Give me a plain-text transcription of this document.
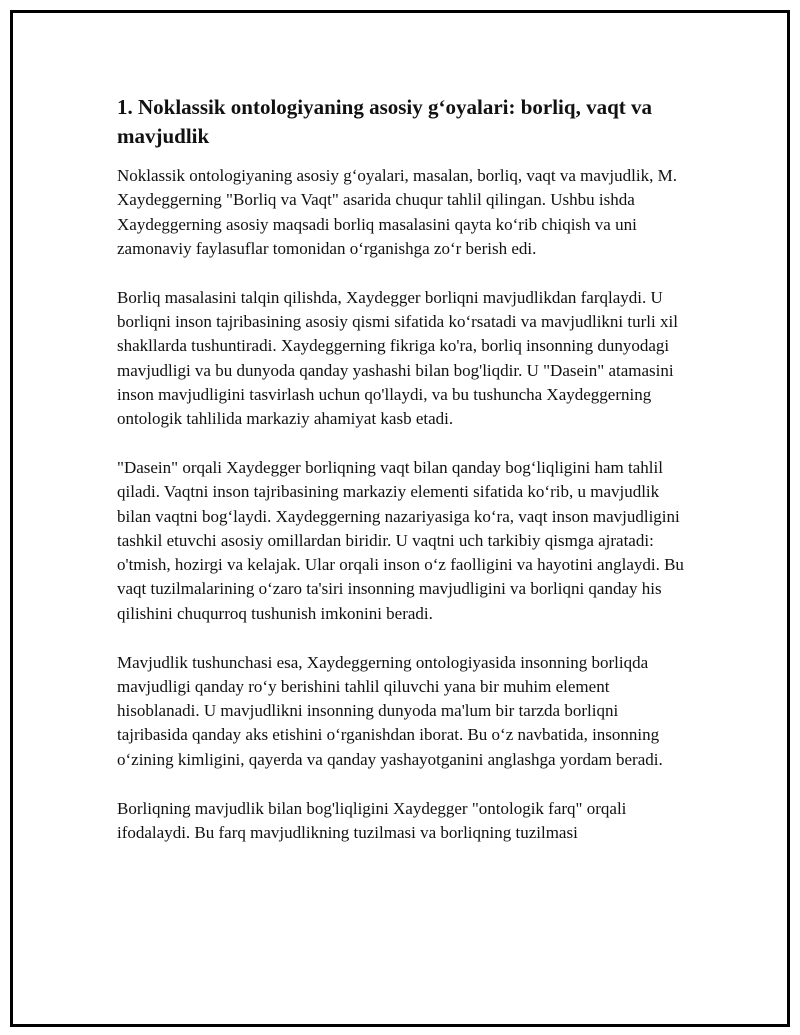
1. Noklassik ontologiyaning asosiy g‘oyalari: borliq, vaqt va mavjudlik

Noklassik ontologiyaning asosiy g‘oyalari, masalan, borliq, vaqt va mavjudlik, M. Xaydeggerning "Borliq va Vaqt" asarida chuqur tahlil qilingan. Ushbu ishda Xaydeggerning asosiy maqsadi borliq masalasini qayta ko‘rib chiqish va uni zamonaviy faylasuflar tomonidan o‘rganishga zo‘r berish edi.

Borliq masalasini talqin qilishda, Xaydegger borliqni mavjudlikdan farqlaydi. U borliqni inson tajribasining asosiy qismi sifatida ko‘rsatadi va mavjudlikni turli xil shakllarda tushuntiradi. Xaydeggerning fikriga ko'ra, borliq insonning dunyodagi mavjudligi va bu dunyoda qanday yashashi bilan bog'liqdir. U "Dasein" atamasini inson mavjudligini tasvirlash uchun qo'llaydi, va bu tushuncha Xaydeggerning ontologik tahlilida markaziy ahamiyat kasb etadi.

"Dasein" orqali Xaydegger borliqning vaqt bilan qanday bog‘liqligini ham tahlil qiladi. Vaqtni inson tajribasining markaziy elementi sifatida ko‘rib, u mavjudlik bilan vaqtni bog‘laydi. Xaydeggerning nazariyasiga ko‘ra, vaqt inson mavjudligini tashkil etuvchi asosiy omillardan biridir. U vaqtni uch tarkibiy qismga ajratadi: o'tmish, hozirgi va kelajak. Ular orqali inson o‘z faolligini va hayotini anglaydi. Bu vaqt tuzilmalarining o‘zaro ta'siri insonning mavjudligini va borliqni qanday his qilishini chuqurroq tushunish imkonini beradi.

Mavjudlik tushunchasi esa, Xaydeggerning ontologiyasida insonning borliqda mavjudligi qanday ro‘y berishini tahlil qiluvchi yana bir muhim element hisoblanadi. U mavjudlikni insonning dunyoda ma'lum bir tarzda borliqni tajribasida qanday aks etishini o‘rganishdan iborat. Bu o‘z navbatida, insonning o‘zining kimligini, qayerda va qanday yashayotganini anglashga yordam beradi.

Borliqning mavjudlik bilan bog'liqligini Xaydegger "ontologik farq" orqali ifodalaydi. Bu farq mavjudlikning tuzilmasi va borliqning tuzilmasi
